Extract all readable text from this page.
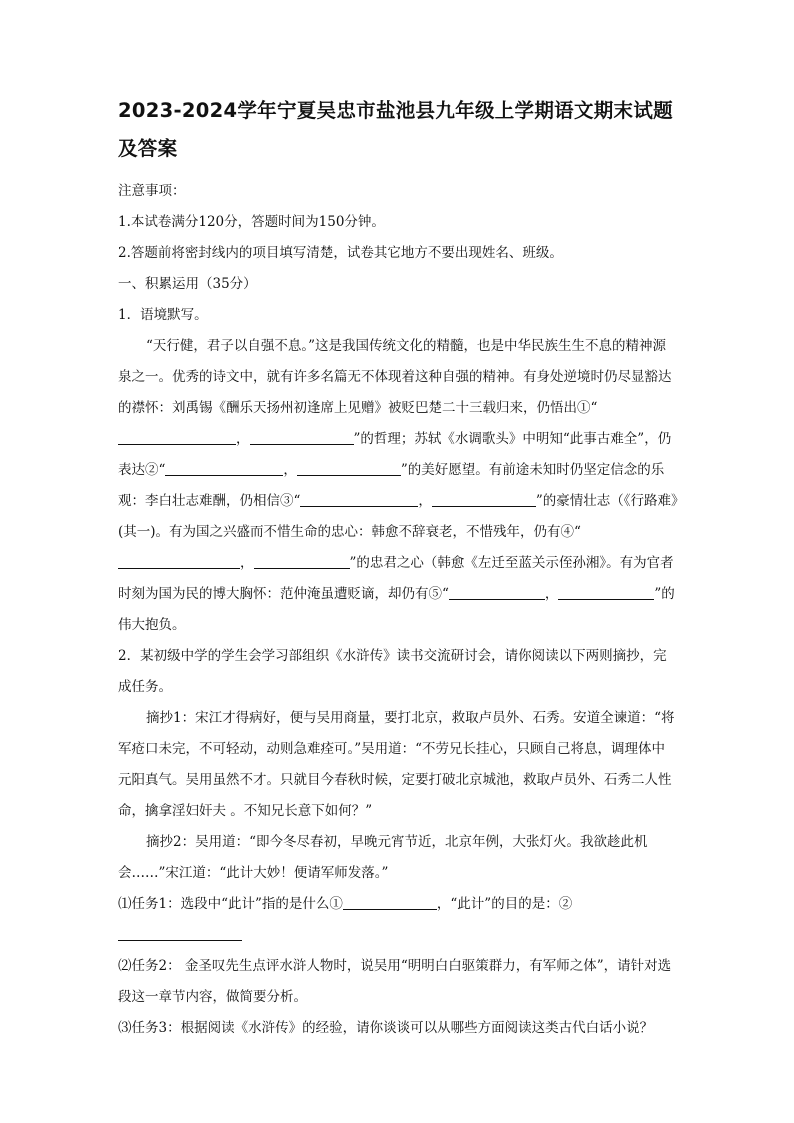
2023-2024学年宁夏吴忠市盐池县九年级上学期语文期末试题及答案

注意事项：

1.本试卷满分120分，答题时间为150分钟。

2.答题前将密封线内的项目填写清楚，试卷其它地方不要出现姓名、班级。

一、积累运用（35分）

1．语境默写。

“天行健，君子以自强不息。”这是我国传统文化的精髓，也是中华民族生生不息的精神源泉之一。优秀的诗文中，就有许多名篇无不体现着这种自强的精神。有身处逆境时仍尽显豁达的襟怀：刘禹锡《酬乐天扬州初逢席上见赠》被贬巴楚二十三载归来，仍悟出①“，	”的哲理；苏轼《水调歌头》中明知“此事古难全”，仍表达②“	，	”的美好愿望。有前途未知时仍坚定信念的乐观：李白壮志难酬，仍相信③“	，	”的豪情壮志（《行路难》(其一)。有为国之兴盛而不惜生命的忠心：韩愈不辞衰老，不惜残年，仍有④“，	”的忠君之心（韩愈《左迁至蓝关示侄孙湘》。有为官者时刻为国为民的博大胸怀：范仲淹虽遭贬谪，却仍有⑤“	，	”的伟大抱负。

2．某初级中学的学生会学习部组织《水浒传》读书交流研讨会，请你阅读以下两则摘抄，完成任务。

摘抄1：宋江才得病好，便与吴用商量，要打北京，救取卢员外、石秀。安道全谏道：“将军疮口未完，不可轻动，动则急难痊可。”吴用道：“不劳兄长挂心，只顾自己将息，调理体中元阳真气。吴用虽然不才。只就目今春秋时候，定要打破北京城池，救取卢员外、石秀二人性命，擒拿淫妇奸夫 。不知兄长意下如何？”

摘抄2：吴用道：“即今冬尽春初，早晚元宵节近，北京年例，大张灯火。我欲趁此机会……”宋江道：“此计大妙！便请军师发落。”

⑴任务1：选段中“此计”指的是什么①	，“此计”的目的是：②

⑵任务2： 金圣叹先生点评水浒人物时，说吴用“明明白白驱策群力，有军师之体”，请针对选段这一章节内容，做简要分析。

⑶任务3：根据阅读《水浒传》的经验，请你谈谈可以从哪些方面阅读这类古代白话小说？
